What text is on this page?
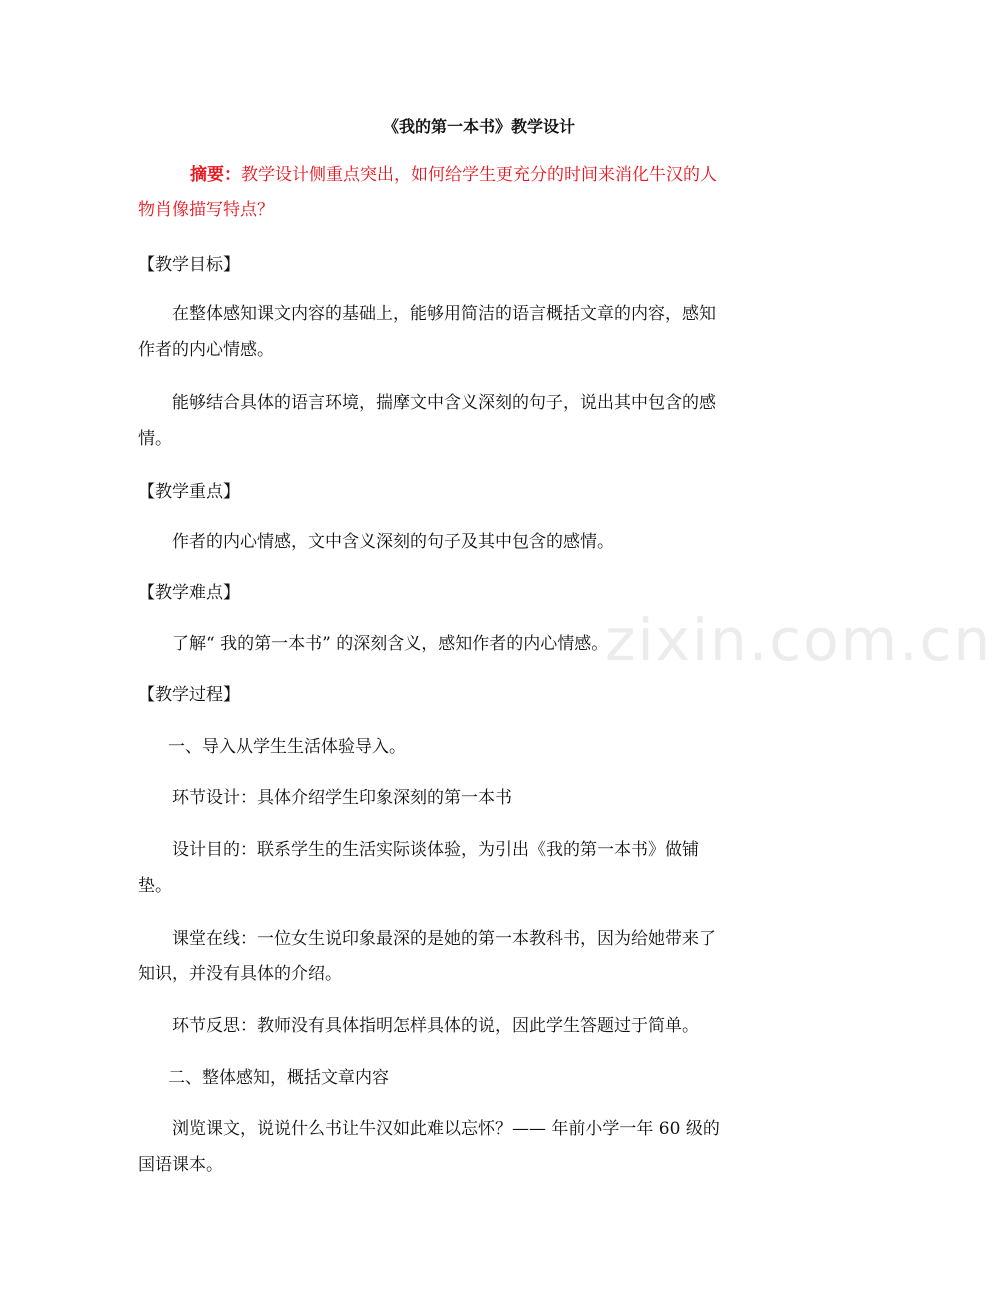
zixin.com.cn
《我的第一本书》教学设计
摘要：教学设计侧重点突出，如何给学生更充分的时间来消化牛汉的人
物肖像描写特点？
【教学目标】
在整体感知课文内容的基础上，能够用简洁的语言概括文章的内容，感知
作者的内心情感。
能够结合具体的语言环境，揣摩文中含义深刻的句子，说出其中包含的感
情。
【教学重点】
作者的内心情感，文中含义深刻的句子及其中包含的感情。
【教学难点】
了解“ 我的第一本书” 的深刻含义，感知作者的内心情感。
【教学过程】
一、导入从学生生活体验导入。
环节设计：具体介绍学生印象深刻的第一本书
设计目的：联系学生的生活实际谈体验，为引出《我的第一本书》做铺
垫。
课堂在线：一位女生说印象最深的是她的第一本教科书，因为给她带来了
知识，并没有具体的介绍。
环节反思：教师没有具体指明怎样具体的说，因此学生答题过于简单。
二、整体感知，概括文章内容
浏览课文，说说什么书让牛汉如此难以忘怀？—— 年前小学一年 60 级的
国语课本。
